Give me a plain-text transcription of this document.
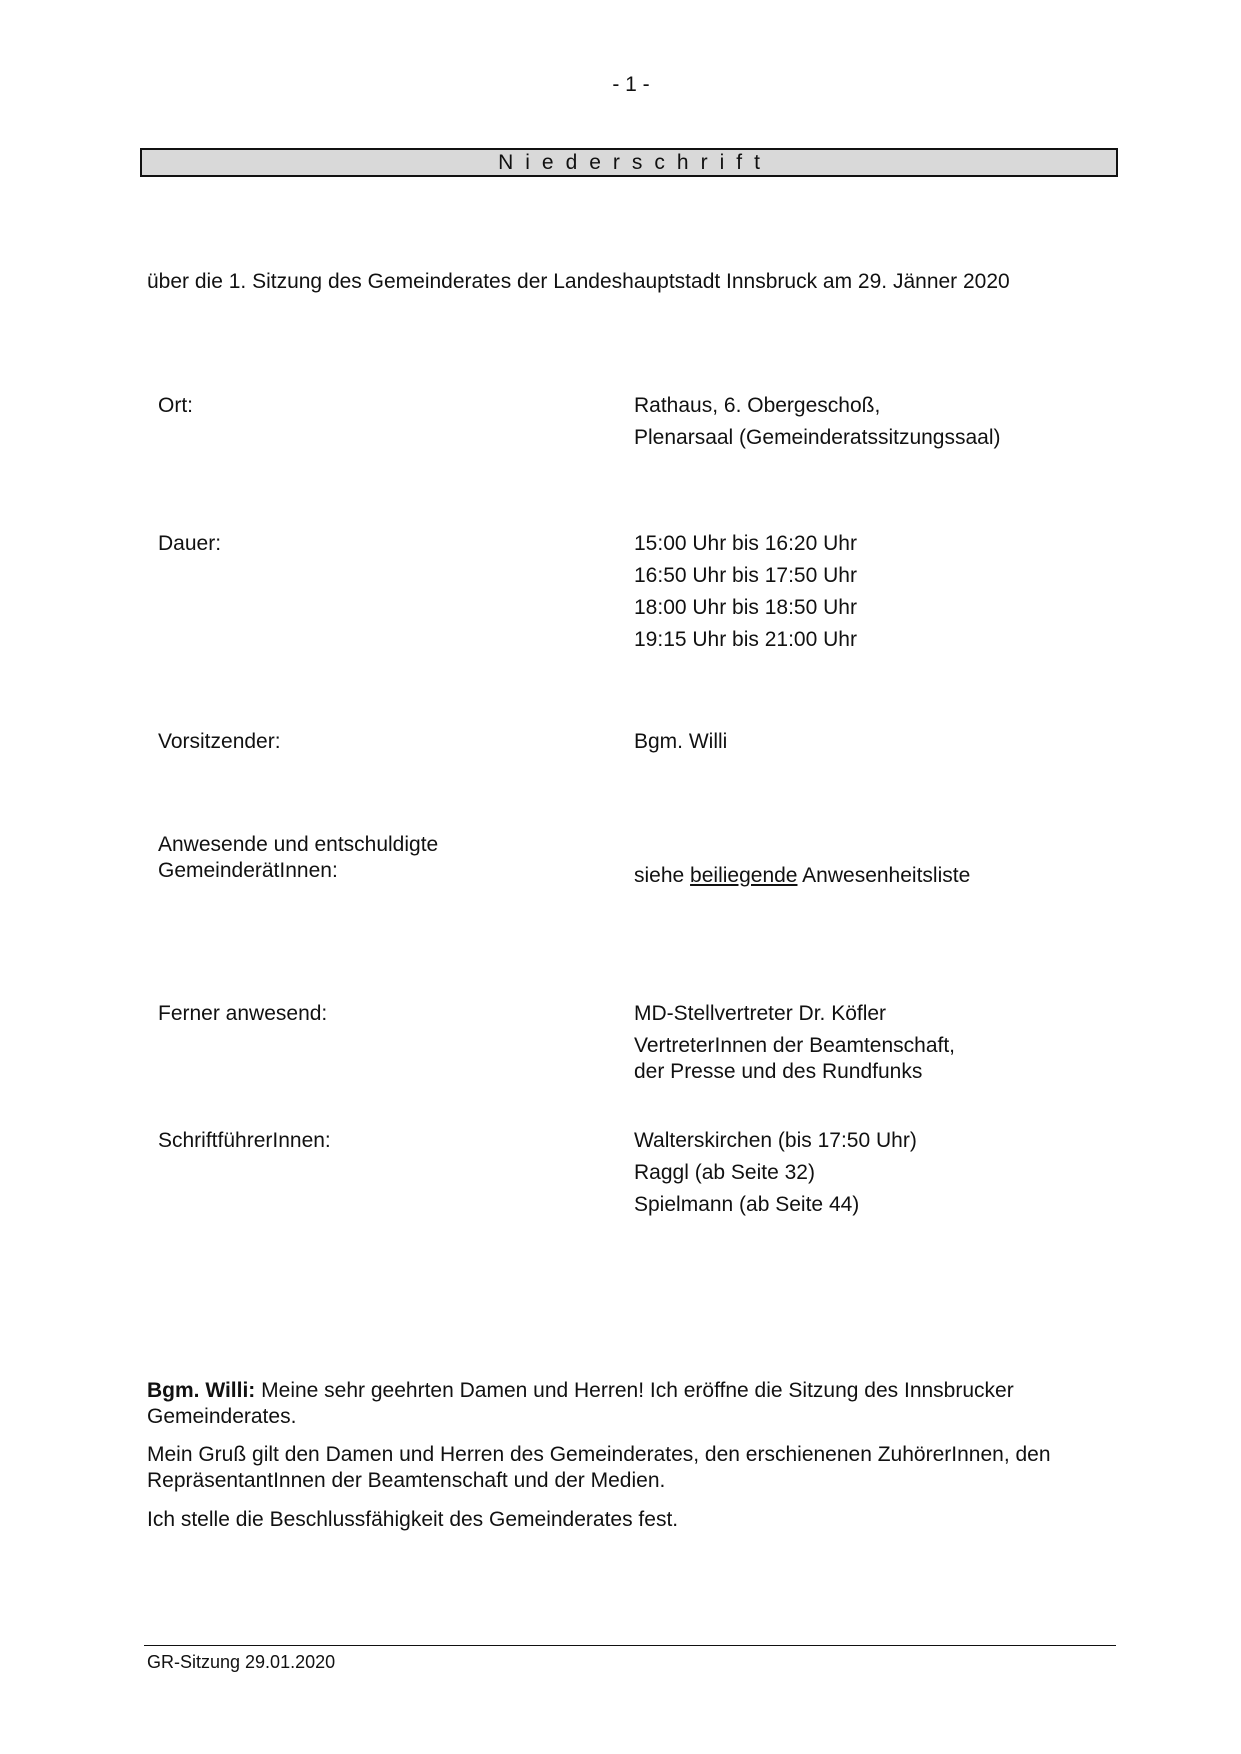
- 1 -
Niederschrift
über die 1. Sitzung des Gemeinderates der Landeshauptstadt Innsbruck am 29. Jänner 2020
Ort:	Rathaus, 6. Obergeschoß,
Plenarsaal (Gemeinderatssitzungssaal)
Dauer:	15:00 Uhr bis 16:20 Uhr
16:50 Uhr bis 17:50 Uhr
18:00 Uhr bis 18:50 Uhr
19:15 Uhr bis 21:00 Uhr
Vorsitzender:	Bgm. Willi
Anwesende und entschuldigte
GemeinderätInnen:	siehe beiliegende Anwesenheitsliste
Ferner anwesend:	MD-Stellvertreter Dr. Köfler
VertreterInnen der Beamtenschaft,
der Presse und des Rundfunks
SchriftführerInnen:	Walterskirchen (bis 17:50 Uhr)
Raggl (ab Seite 32)
Spielmann (ab Seite 44)
Bgm. Willi: Meine sehr geehrten Damen und Herren! Ich eröffne die Sitzung des Innsbrucker Gemeinderates.
Mein Gruß gilt den Damen und Herren des Gemeinderates, den erschienenen ZuhörerInnen, den RepräsentantInnen der Beamtenschaft und der Medien.
Ich stelle die Beschlussfähigkeit des Gemeinderates fest.
GR-Sitzung 29.01.2020
